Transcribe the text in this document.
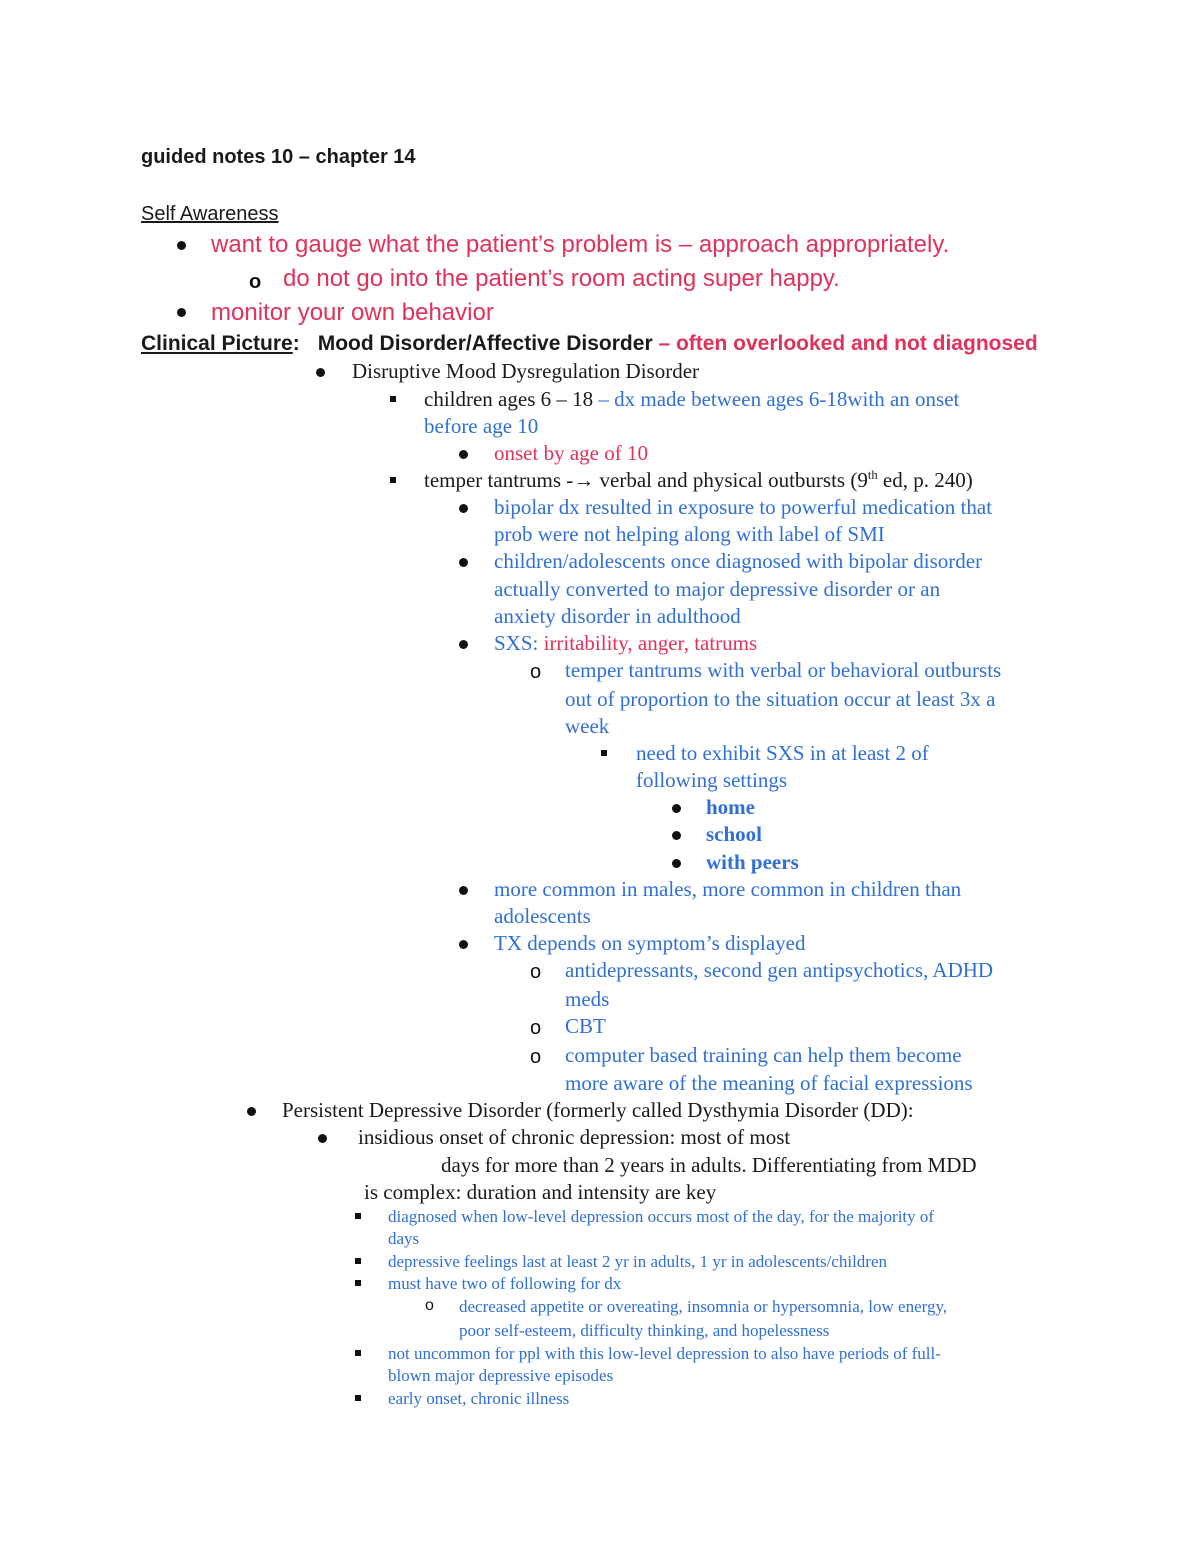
guided notes 10 – chapter 14
Self Awareness
want to gauge what the patient’s problem is – approach appropriately.
o do not go into the patient’s room acting super happy.
monitor your own behavior
Clinical Picture: Mood Disorder/Affective Disorder – often overlooked and not diagnosed
Disruptive Mood Dysregulation Disorder
children ages 6 – 18 – dx made between ages 6-18with an onset
before age 10
onset by age of 10
temper tantrums -→ verbal and physical outbursts (9th ed, p. 240)
bipolar dx resulted in exposure to powerful medication that
prob were not helping along with label of SMI
children/adolescents once diagnosed with bipolar disorder
actually converted to major depressive disorder or an
anxiety disorder in adulthood
SXS: irritability, anger, tatrums
o temper tantrums with verbal or behavioral outbursts
out of proportion to the situation occur at least 3x a
week
need to exhibit SXS in at least 2 of
following settings
home
school
with peers
more common in males, more common in children than
adolescents
TX depends on symptom’s displayed
o antidepressants, second gen antipsychotics, ADHD
meds
o CBT
o computer based training can help them become
more aware of the meaning of facial expressions
Persistent Depressive Disorder (formerly called Dysthymia Disorder (DD):
insidious onset of chronic depression: most of most
days for more than 2 years in adults. Differentiating from MDD
is complex: duration and intensity are key
diagnosed when low-level depression occurs most of the day, for the majority of
days
depressive feelings last at least 2 yr in adults, 1 yr in adolescents/children
must have two of following for dx
o decreased appetite or overeating, insomnia or hypersomnia, low energy,
poor self-esteem, difficulty thinking, and hopelessness
not uncommon for ppl with this low-level depression to also have periods of full-
blown major depressive episodes
early onset, chronic illness
